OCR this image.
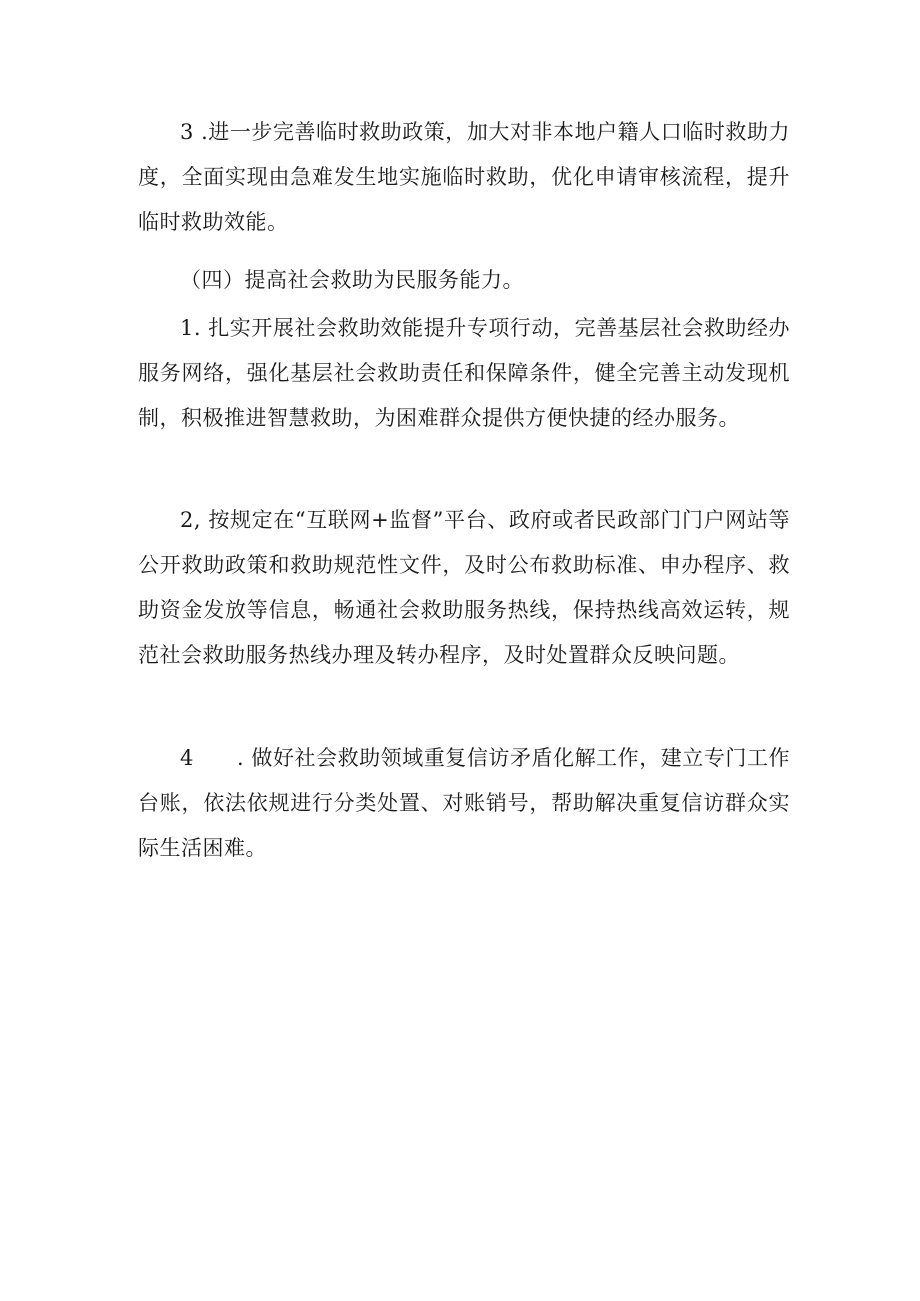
3 .进一步完善临时救助政策，加大对非本地户籍人口临时救助力度，全面实现由急难发生地实施临时救助，优化申请审核流程，提升临时救助效能。

（四）提高社会救助为民服务能力。

1. 扎实开展社会救助效能提升专项行动，完善基层社会救助经办服务网络，强化基层社会救助责任和保障条件，健全完善主动发现机制，积极推进智慧救助，为困难群众提供方便快捷的经办服务。

2, 按规定在“互联网+监督”平台、政府或者民政部门门户网站等公开救助政策和救助规范性文件，及时公布救助标准、申办程序、救助资金发放等信息，畅通社会救助服务热线，保持热线高效运转，规范社会救助服务热线办理及转办程序，及时处置群众反映问题。

4　　. 做好社会救助领域重复信访矛盾化解工作，建立专门工作台账，依法依规进行分类处置、对账销号，帮助解决重复信访群众实际生活困难。
